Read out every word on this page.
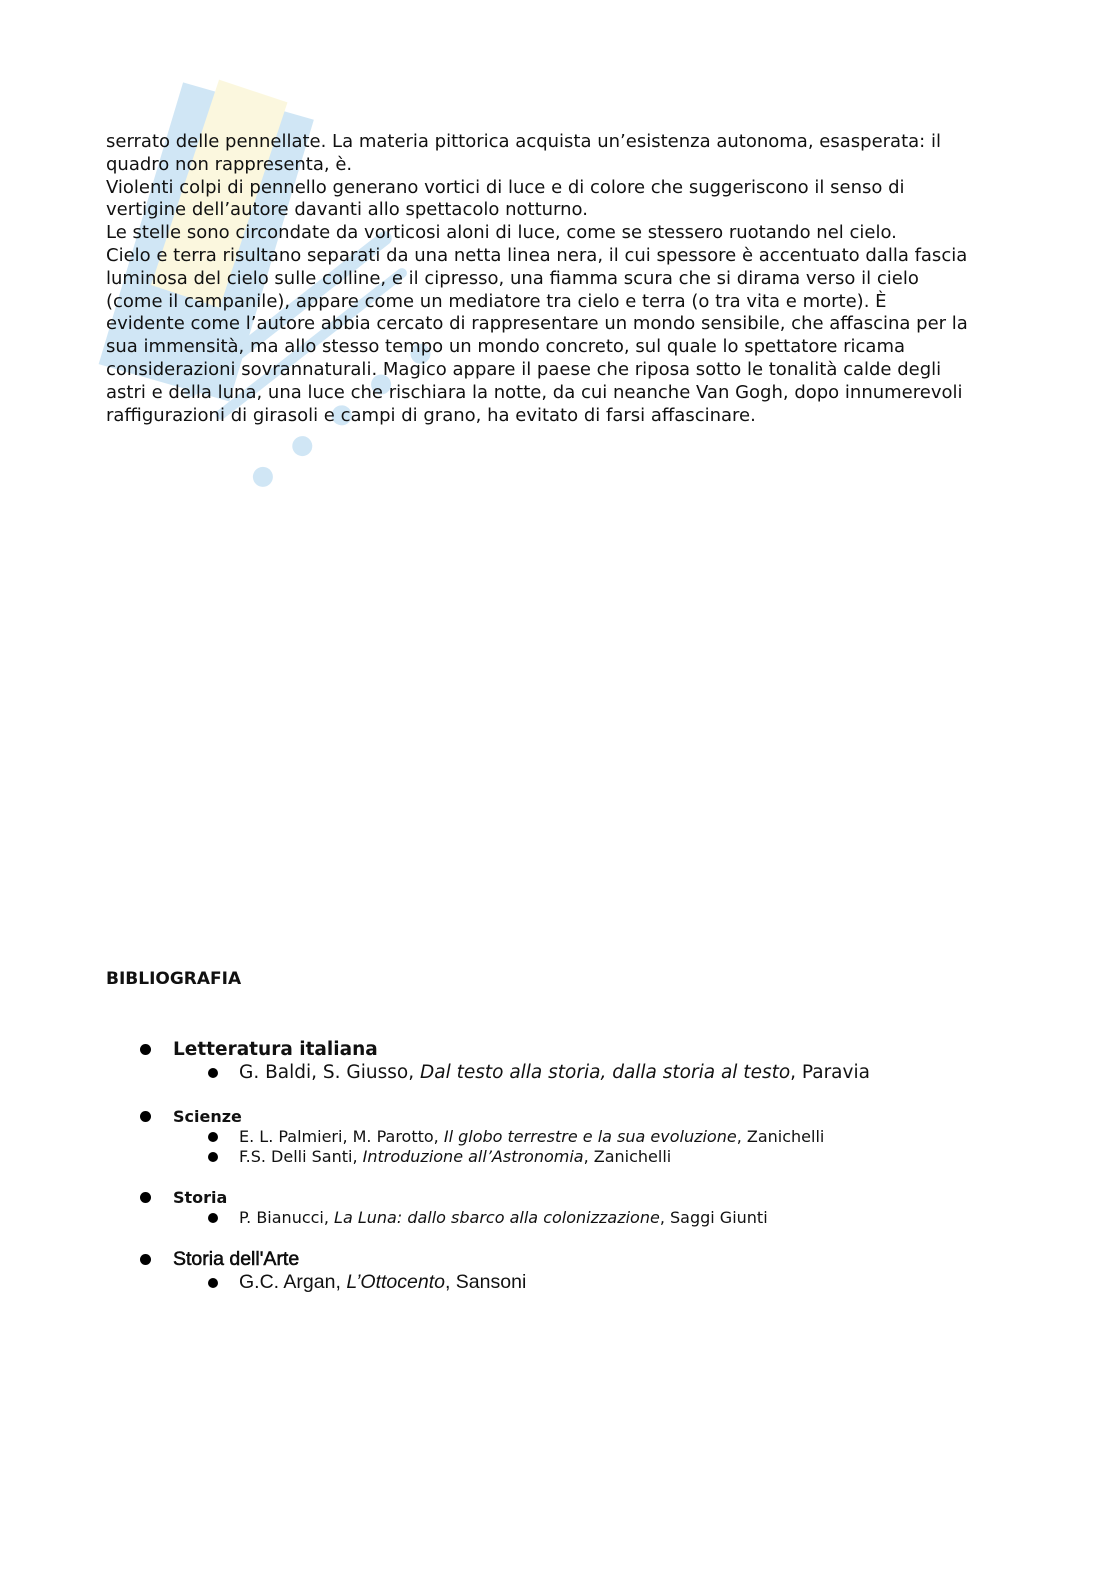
serrato delle pennellate. La materia pittorica acquista un’esistenza autonoma, esasperata: il
quadro non rappresenta, è.
Violenti colpi di pennello generano vortici di luce e di colore che suggeriscono il senso di
vertigine dell’autore davanti allo spettacolo notturno.
Le stelle sono circondate da vorticosi aloni di luce, come se stessero ruotando nel cielo.
Cielo e terra risultano separati da una netta linea nera, il cui spessore è accentuato dalla fascia
luminosa del cielo sulle colline, e il cipresso, una fiamma scura che si dirama verso il cielo
(come il campanile), appare come un mediatore tra cielo e terra (o tra vita e morte). È
evidente come l’autore abbia cercato di rappresentare un mondo sensibile, che affascina per la
sua immensità, ma allo stesso tempo un mondo concreto, sul quale lo spettatore ricama
considerazioni sovrannaturali. Magico appare il paese che riposa sotto le tonalità calde degli
astri e della luna, una luce che rischiara la notte, da cui neanche Van Gogh, dopo innumerevoli
raffigurazioni di girasoli e campi di grano, ha evitato di farsi affascinare.

BIBLIOGRAFIA
Letteratura italiana
G. Baldi, S. Giusso, Dal testo alla storia, dalla storia al testo, Paravia
Scienze
E. L. Palmieri, M. Parotto, Il globo terrestre e la sua evoluzione, Zanichelli
F.S. Delli Santi, Introduzione all’Astronomia, Zanichelli
Storia
P. Bianucci, La Luna: dallo sbarco alla colonizzazione, Saggi Giunti
Storia dell'Arte
G.C. Argan, L’Ottocento, Sansoni
